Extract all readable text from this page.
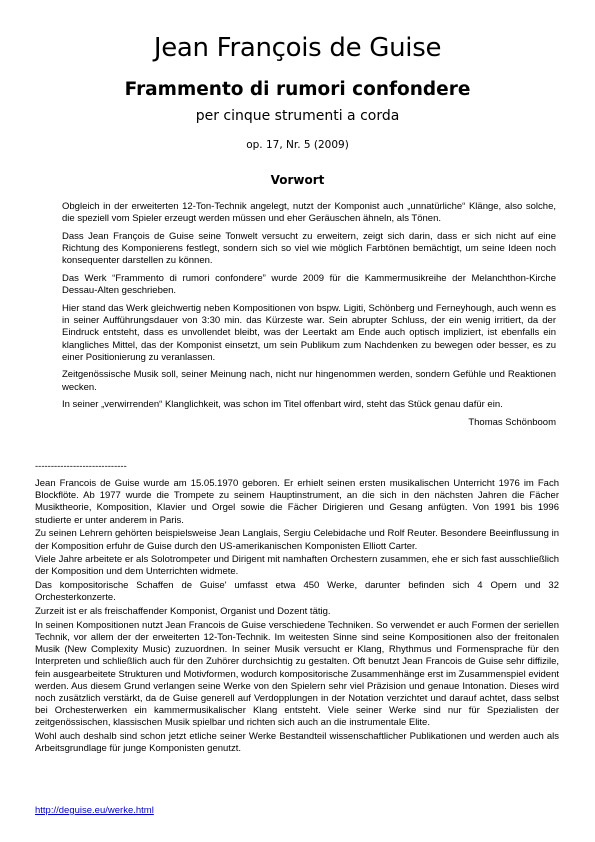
Jean François de Guise
Frammento di rumori confondere
per cinque strumenti a corda
op. 17, Nr. 5 (2009)
Vorwort

Obgleich in der erweiterten 12-Ton-Technik angelegt, nutzt der Komponist auch „unnatürliche“ Klänge, also solche, die speziell vom Spieler erzeugt werden müssen und eher Geräuschen ähneln, als Tönen.

Dass Jean François de Guise seine Tonwelt versucht zu erweitern, zeigt sich darin, dass er sich nicht auf eine Richtung des Komponierens festlegt, sondern sich so viel wie möglich Farbtönen bemächtigt, um seine Ideen noch konsequenter darstellen zu können.

Das Werk “Frammento di rumori confondere” wurde 2009 für die Kammermusikreihe der Melanchthon-Kirche Dessau-Alten geschrieben.

Hier stand das Werk gleichwertig neben Kompositionen von bspw. Ligiti, Schönberg und Ferneyhough, auch wenn es in seiner Aufführungsdauer von 3:30 min. das Kürzeste war. Sein abrupter Schluss, der ein wenig irritiert, da der Eindruck entsteht, dass es unvollendet bleibt, was der Leertakt am Ende auch optisch impliziert, ist ebenfalls ein klangliches Mittel, das der Komponist einsetzt, um sein Publikum zum Nachdenken zu bewegen oder besser, es zu einer Positionierung zu veranlassen.

Zeitgenössische Musik soll, seiner Meinung nach, nicht nur hingenommen werden, sondern Gefühle und Reaktionen wecken.

In seiner „verwirrenden“ Klanglichkeit, was schon im Titel offenbart wird, steht das Stück genau dafür ein.

Thomas Schönboom

-----------------------------

Jean Francois de Guise wurde am 15.05.1970 geboren. Er erhielt seinen ersten musikalischen Unterricht 1976 im Fach Blockflöte. Ab 1977 wurde die Trompete zu seinem Hauptinstrument, an die sich in den nächsten Jahren die Fächer Musiktheorie, Komposition, Klavier und Orgel sowie die Fächer Dirigieren und Gesang anfügten. Von 1991 bis 1996 studierte er unter anderem in Paris.

Zu seinen Lehrern gehörten beispielsweise Jean Langlais, Sergiu Celebidache und Rolf Reuter. Besondere Beeinflussung in der Komposition erfuhr de Guise durch den US-amerikanischen Komponisten Elliott Carter.

Viele Jahre arbeitete er als Solotrompeter und Dirigent mit namhaften Orchestern zusammen, ehe er sich fast ausschließlich der Komposition und dem Unterrichten widmete.

Das kompositorische Schaffen de Guise' umfasst etwa 450 Werke, darunter befinden sich 4 Opern und 32 Orchesterkonzerte.

Zurzeit ist er als freischaffender Komponist, Organist und Dozent tätig.

In seinen Kompositionen nutzt Jean Francois de Guise verschiedene Techniken. So verwendet er auch Formen der seriellen Technik, vor allem der der erweiterten 12-Ton-Technik. Im weitesten Sinne sind seine Kompositionen also der freitonalen Musik (New Complexity Music) zuzuordnen. In seiner Musik versucht er Klang, Rhythmus und Formensprache für den Interpreten und schließlich auch für den Zuhörer durchsichtig zu gestalten. Oft benutzt Jean Francois de Guise sehr diffizile, fein ausgearbeitete Strukturen und Motivformen, wodurch kompositorische Zusammenhänge erst im Zusammenspiel evident werden. Aus diesem Grund verlangen seine Werke von den Spielern sehr viel Präzision und genaue Intonation. Dieses wird noch zusätzlich verstärkt, da de Guise generell auf Verdopplungen in der Notation verzichtet und darauf achtet, dass selbst bei Orchesterwerken ein kammermusikalischer Klang entsteht. Viele seiner Werke sind nur für Spezialisten der zeitgenössischen, klassischen Musik spielbar und richten sich auch an die instrumentale Elite.

Wohl auch deshalb sind schon jetzt etliche seiner Werke Bestandteil wissenschaftlicher Publikationen und werden auch als Arbeitsgrundlage für junge Komponisten genutzt.

http://deguise.eu/werke.html
